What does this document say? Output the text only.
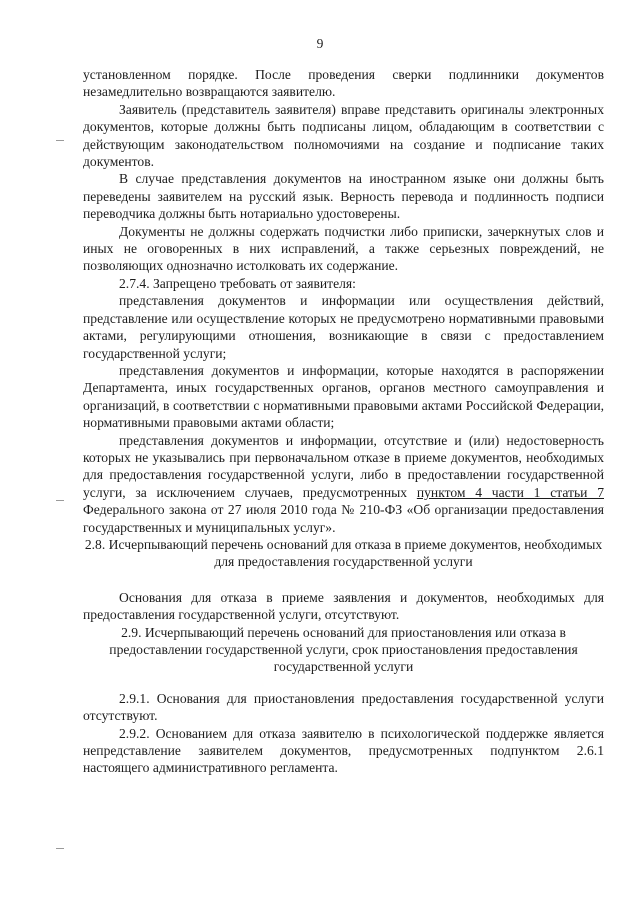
9

установленном порядке. После проведения сверки подлинники документов незамедлительно возвращаются заявителю.

Заявитель (представитель заявителя) вправе представить оригиналы электронных документов, которые должны быть подписаны лицом, обладающим в соответствии с действующим законодательством полномочиями на создание и подписание таких документов.

В случае представления документов на иностранном языке они должны быть переведены заявителем на русский язык. Верность перевода и подлинность подписи переводчика должны быть нотариально удостоверены.

Документы не должны содержать подчистки либо приписки, зачеркнутых слов и иных не оговоренных в них исправлений, а также серьезных повреждений, не позволяющих однозначно истолковать их содержание.

2.7.4. Запрещено требовать от заявителя:

представления документов и информации или осуществления действий, представление или осуществление которых не предусмотрено нормативными правовыми актами, регулирующими отношения, возникающие в связи с предоставлением государственной услуги;

представления документов и информации, которые находятся в распоряжении Департамента, иных государственных органов, органов местного самоуправления и организаций, в соответствии с нормативными правовыми актами Российской Федерации, нормативными правовыми актами области;

представления документов и информации, отсутствие и (или) недостоверность которых не указывались при первоначальном отказе в приеме документов, необходимых для предоставления государственной услуги, либо в предоставлении государственной услуги, за исключением случаев, предусмотренных пунктом 4 части 1 статьи 7 Федерального закона от 27 июля 2010 года № 210-ФЗ «Об организации предоставления государственных и муниципальных услуг».

2.8. Исчерпывающий перечень оснований для отказа в приеме документов, необходимых для предоставления государственной услуги

Основания для отказа в приеме заявления и документов, необходимых для предоставления государственной услуги, отсутствуют.

2.9. Исчерпывающий перечень оснований для приостановления или отказа в предоставлении государственной услуги, срок приостановления предоставления государственной услуги

2.9.1. Основания для приостановления предоставления государственной услуги отсутствуют.

2.9.2. Основанием для отказа заявителю в психологической поддержке является непредставление заявителем документов, предусмотренных подпунктом 2.6.1 настоящего административного регламента.
